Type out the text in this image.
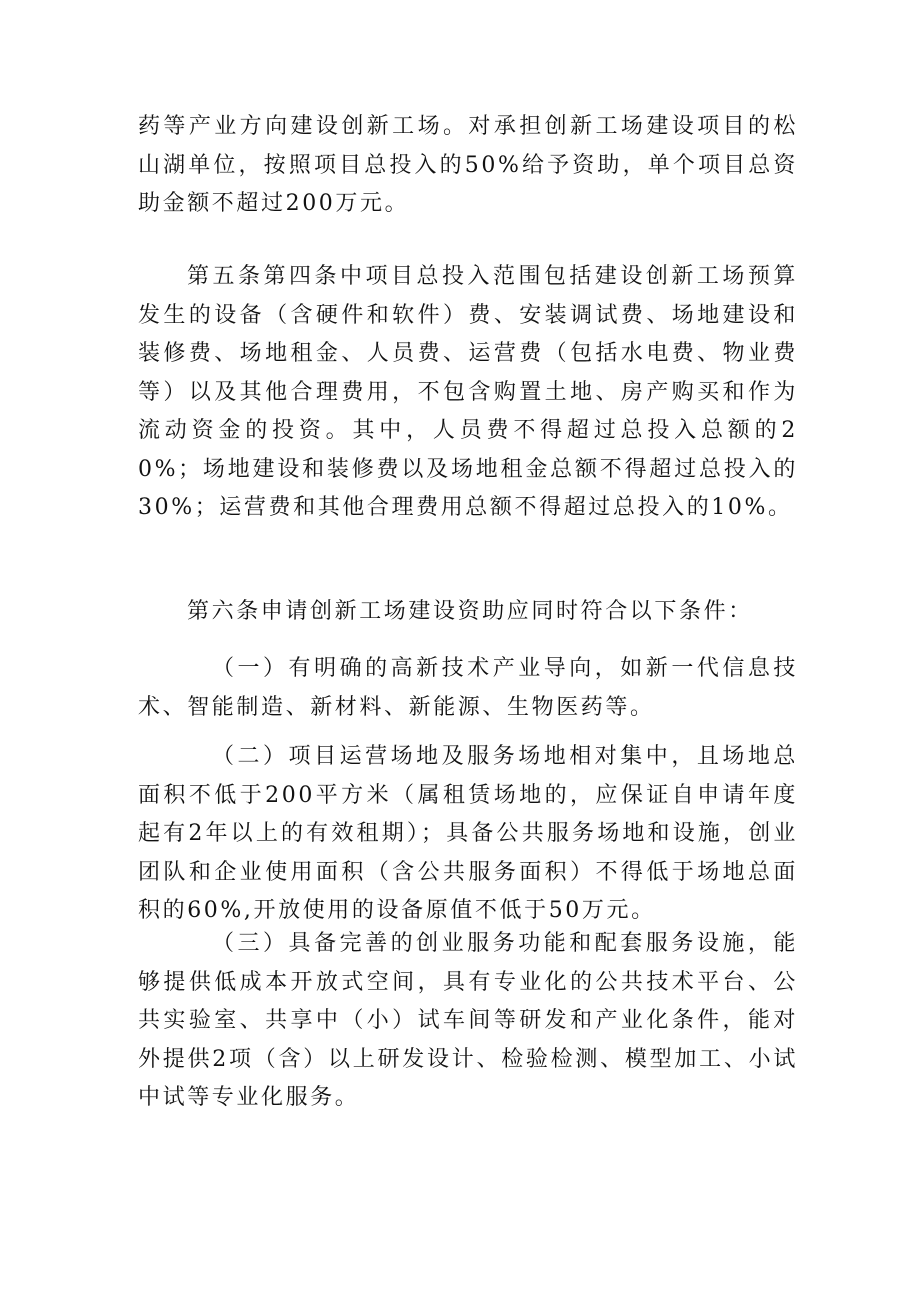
药等产业方向建设创新工场。对承担创新工场建设项目的松山湖单位，按照项目总投入的50%给予资助，单个项目总资助金额不超过200万元。

第五条第四条中项目总投入范围包括建设创新工场预算发生的设备（含硬件和软件）费、安装调试费、场地建设和装修费、场地租金、人员费、运营费（包括水电费、物业费等）以及其他合理费用，不包含购置土地、房产购买和作为流动资金的投资。其中，人员费不得超过总投入总额的20%；场地建设和装修费以及场地租金总额不得超过总投入的30%；运营费和其他合理费用总额不得超过总投入的10%。

第六条申请创新工场建设资助应同时符合以下条件：

（一）有明确的高新技术产业导向，如新一代信息技术、智能制造、新材料、新能源、生物医药等。

（二）项目运营场地及服务场地相对集中，且场地总面积不低于200平方米（属租赁场地的，应保证自申请年度起有2年以上的有效租期）；具备公共服务场地和设施，创业团队和企业使用面积（含公共服务面积）不得低于场地总面积的60%,开放使用的设备原值不低于50万元。

（三）具备完善的创业服务功能和配套服务设施，能够提供低成本开放式空间，具有专业化的公共技术平台、公共实验室、共享中（小）试车间等研发和产业化条件，能对外提供2项（含）以上研发设计、检验检测、模型加工、小试中试等专业化服务。
